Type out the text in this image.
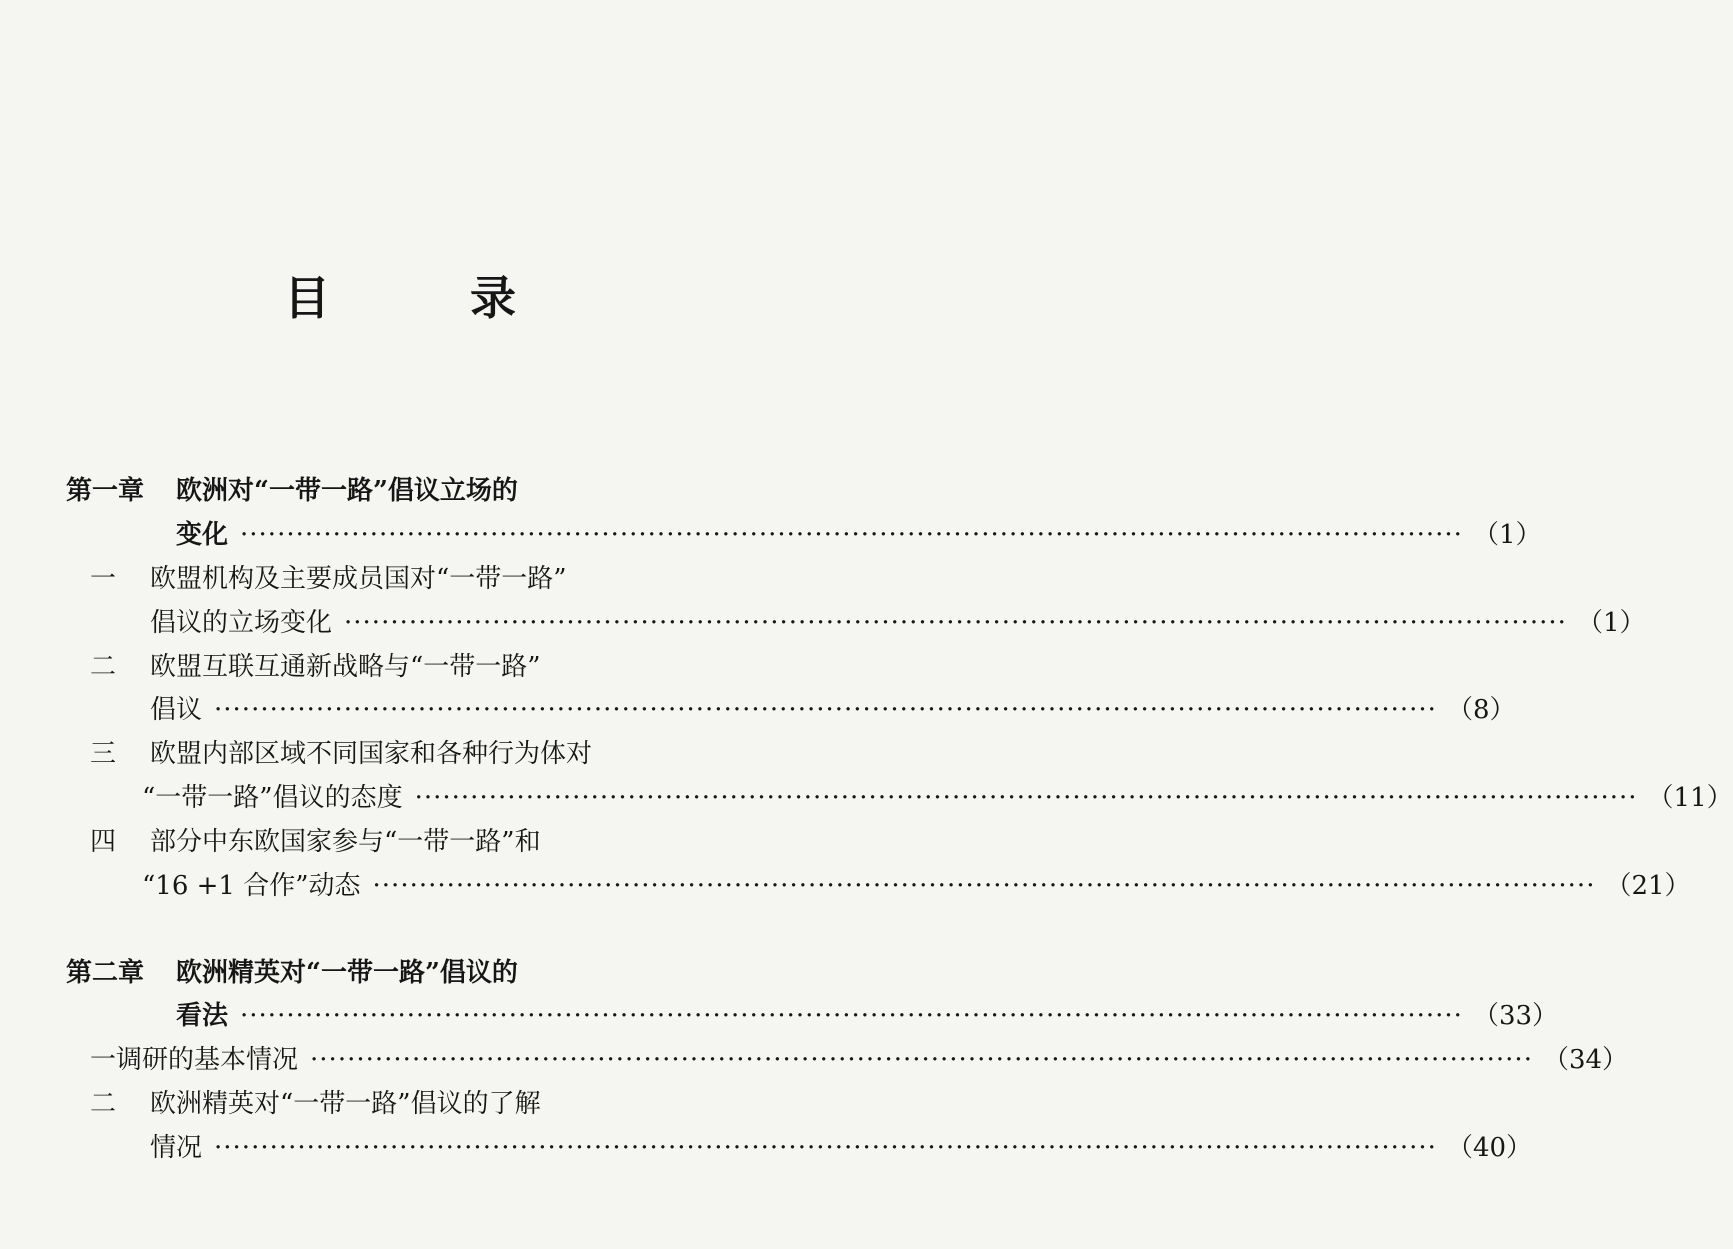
目 录
第一章	欧洲对“一带一路”倡议立场的
变化 ···································································································································· （1）
一	欧盟机构及主要成员国对“一带一路”
倡议的立场变化 ···································································································································· （1）
二	欧盟互联互通新战略与“一带一路”
倡议 ···································································································································· （8）
三	欧盟内部区域不同国家和各种行为体对
“一带一路”倡议的态度 ···································································································································· （11）
四	部分中东欧国家参与“一带一路”和
“16 +1 合作”动态 ···································································································································· （21）
第二章	欧洲精英对“一带一路”倡议的
看法 ···································································································································· （33）
一 调研的基本情况 ···································································································································· （34）
二	欧洲精英对“一带一路”倡议的了解
情况 ···································································································································· （40）
